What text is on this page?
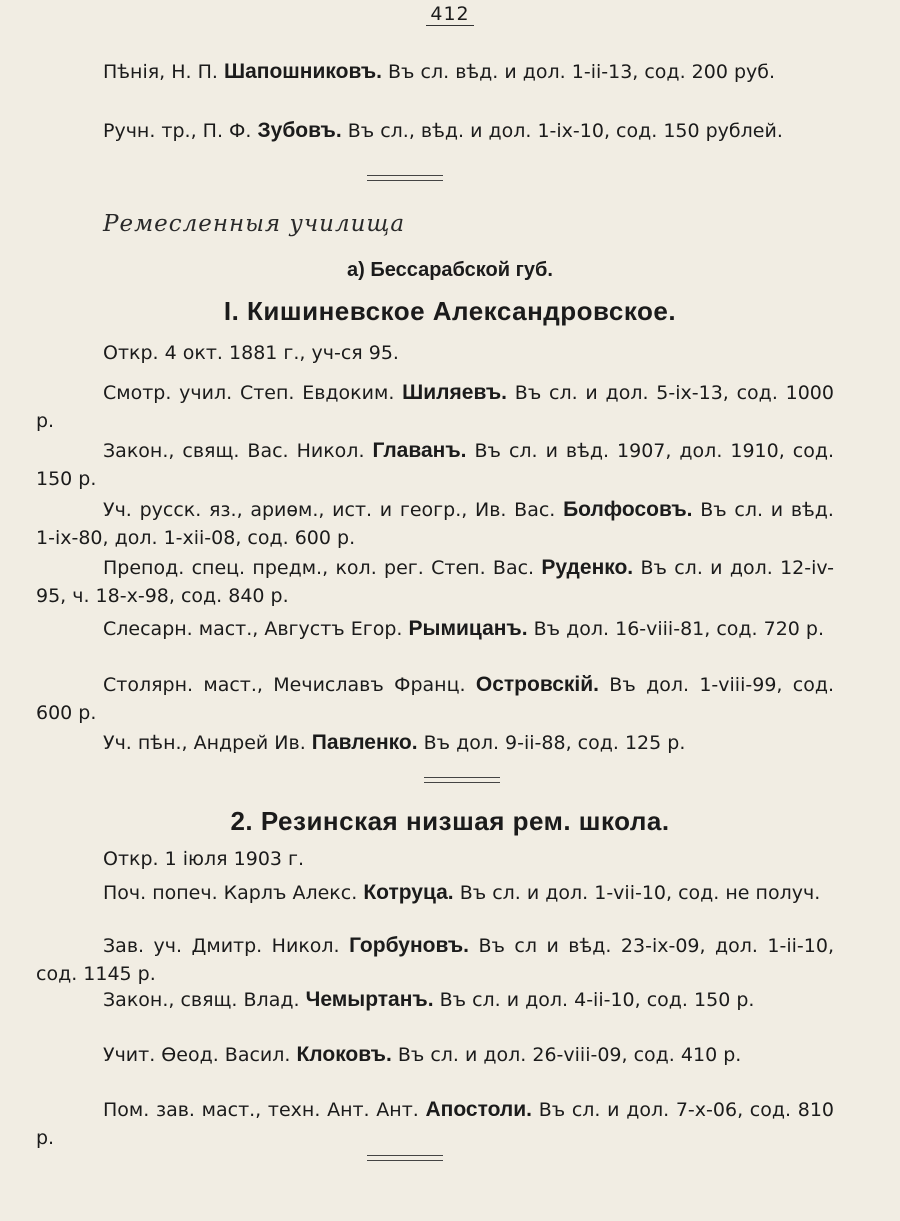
412

Пѣнія, Н. П. Шапошниковъ. Въ сл. вѣд. и дол. 1-ii-13, сод. 200 руб.

Ручн. тр., П. Ф. Зубовъ. Въ сл., вѣд. и дол. 1-ix-10, сод. 150 рублей.

Ремесленныя училища
а) Бессарабской губ.
I. Кишиневское Александровское.
Откр. 4 окт. 1881 г., уч-ся 95.

Смотр. учил. Степ. Евдоким. Шиляевъ. Въ сл. и дол. 5-ix-13, сод. 1000 р.

Закон., свящ. Вас. Никол. Главанъ. Въ сл. и вѣд. 1907, дол. 1910, сод. 150 р.

Уч. русск. яз., ариѳм., ист. и геогр., Ив. Вас. Болфосовъ. Въ сл. и вѣд. 1-ix-80, дол. 1-xii-08, сод. 600 р.

Препод. спец. предм., кол. рег. Степ. Вас. Руденко. Въ сл. и дол. 12-iv-95, ч. 18-x-98, сод. 840 р.

Слесарн. маст., Августъ Егор. Рымицанъ. Въ дол. 16-viii-81, сод. 720 р.

Столярн. маст., Мечиславъ Франц. Островскій. Въ дол. 1-viii-99, сод. 600 р.

Уч. пѣн., Андрей Ив. Павленко. Въ дол. 9-ii-88, сод. 125 р.

2. Резинская низшая рем. школа.
Откр. 1 іюля 1903 г.

Поч. попеч. Карлъ Алекс. Котруца. Въ сл. и дол. 1-vii-10, сод. не получ.

Зав. уч. Дмитр. Никол. Горбуновъ. Въ сл и вѣд. 23-ix-09, дол. 1-ii-10, сод. 1145 р.

Закон., свящ. Влад. Чемыртанъ. Въ сл. и дол. 4-ii-10, сод. 150 р.

Учит. Ѳеод. Васил. Клоковъ. Въ сл. и дол. 26-viii-09, сод. 410 р.

Пом. зав. маст., техн. Ант. Ант. Апостоли. Въ сл. и дол. 7-x-06, сод. 810 р.
